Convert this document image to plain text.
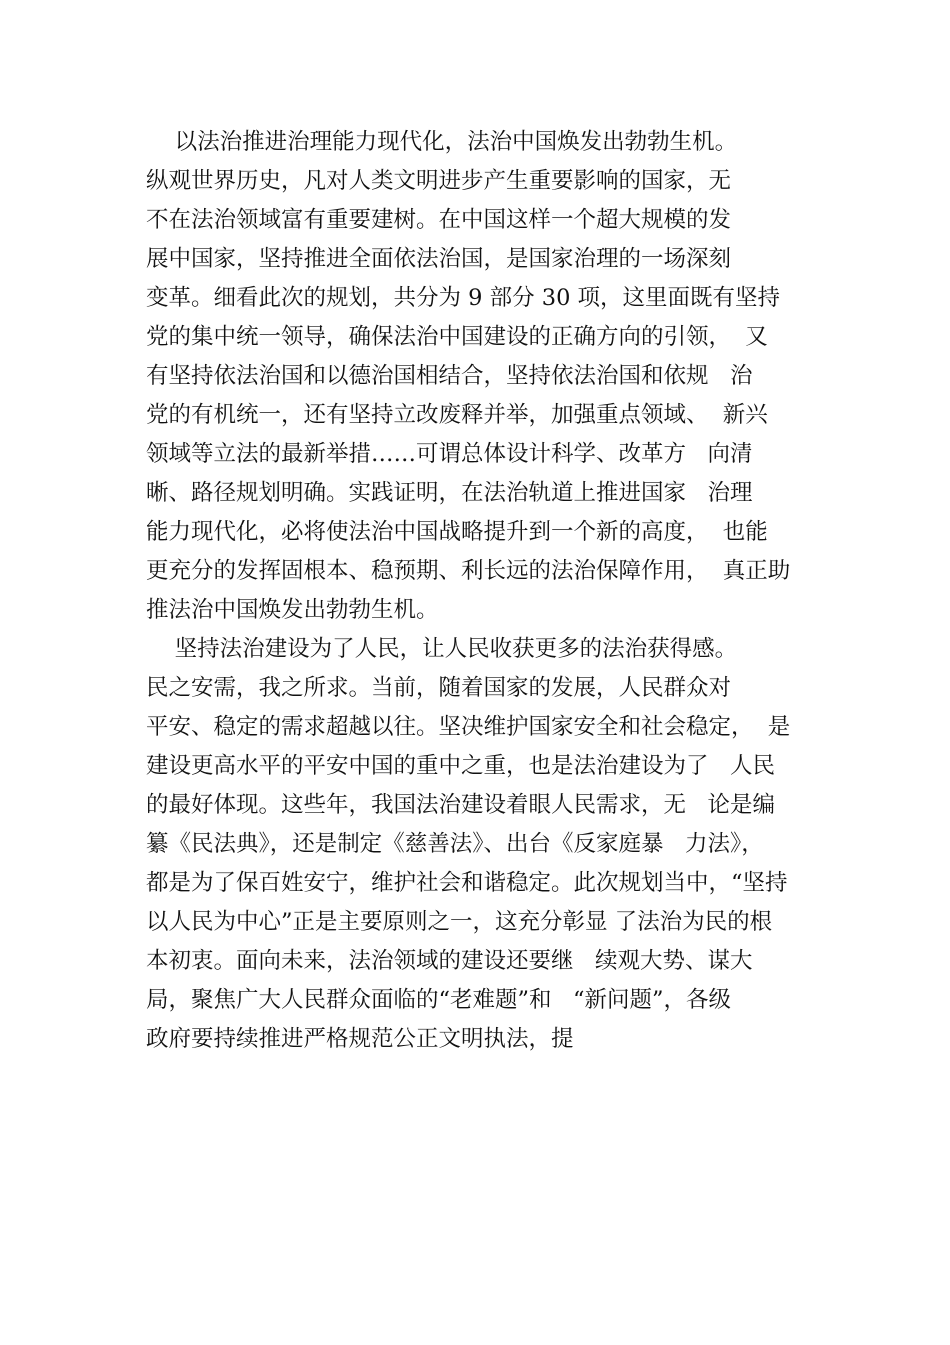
以法治推进治理能力现代化，法治中国焕发出勃勃生机。
纵观世界历史，凡对人类文明进步产生重要影响的国家，无
不在法治领域富有重要建树。在中国这样一个超大规模的发
展中国家，坚持推进全面依法治国，是国家治理的一场深刻
变革。细看此次的规划，共分为 9 部分 30 项，这里面既有坚持
党的集中统一领导，确保法治中国建设的正确方向的引领，  又
有坚持依法治国和以德治国相结合，坚持依法治国和依规   治
党的有机统一，还有坚持立改废释并举，加强重点领域、  新兴
领域等立法的最新举措……可谓总体设计科学、改革方   向清
晰、路径规划明确。实践证明，在法治轨道上推进国家   治理
能力现代化，必将使法治中国战略提升到一个新的高度，  也能
更充分的发挥固根本、稳预期、利长远的法治保障作用，  真正助
推法治中国焕发出勃勃生机。
坚持法治建设为了人民，让人民收获更多的法治获得感。
民之安需，我之所求。当前，随着国家的发展，人民群众对
平安、稳定的需求超越以往。坚决维护国家安全和社会稳定，  是
建设更高水平的平安中国的重中之重，也是法治建设为了   人民
的最好体现。这些年，我国法治建设着眼人民需求，无   论是编
纂《民法典》，还是制定《慈善法》、出台《反家庭暴   力法》，
都是为了保百姓安宁，维护社会和谐稳定。此次规划当中，“坚持
以人民为中心”正是主要原则之一，这充分彰显 了法治为民的根
本初衷。面向未来，法治领域的建设还要继   续观大势、谋大
局，聚焦广大人民群众面临的“老难题”和   “新问题”，各级
政府要持续推进严格规范公正文明执法，提
